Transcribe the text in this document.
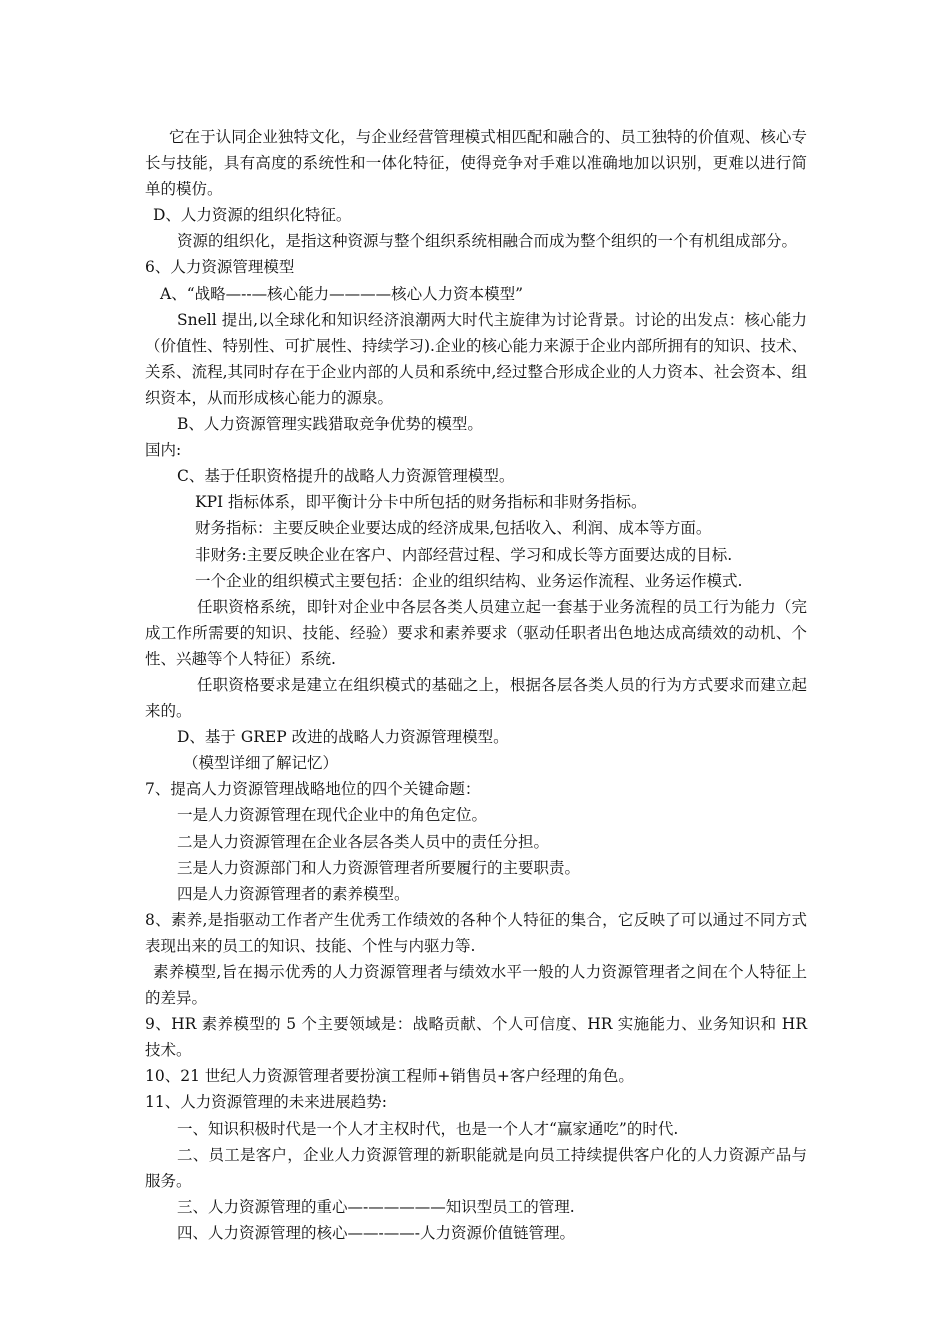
它在于认同企业独特文化，与企业经营管理模式相匹配和融合的、员工独特的价值观、核心专长与技能，具有高度的系统性和一体化特征，使得竞争对手难以准确地加以识别，更难以进行简单的模仿。

D、人力资源的组织化特征。

资源的组织化，是指这种资源与整个组织系统相融合而成为整个组织的一个有机组成部分。

6、人力资源管理模型

A、“战略—--—核心能力————核心人力资本模型”

Snell 提出,以全球化和知识经济浪潮两大时代主旋律为讨论背景。讨论的出发点：核心能力（价值性、特别性、可扩展性、持续学习).企业的核心能力来源于企业内部所拥有的知识、技术、关系、流程,其同时存在于企业内部的人员和系统中,经过整合形成企业的人力资本、社会资本、组织资本，从而形成核心能力的源泉。

B、人力资源管理实践猎取竞争优势的模型。

国内:

C、基于任职资格提升的战略人力资源管理模型。

KPI 指标体系，即平衡计分卡中所包括的财务指标和非财务指标。

财务指标：主要反映企业要达成的经济成果,包括收入、利润、成本等方面。

非财务:主要反映企业在客户、内部经营过程、学习和成长等方面要达成的目标.

一个企业的组织模式主要包括：企业的组织结构、业务运作流程、业务运作模式.

任职资格系统，即针对企业中各层各类人员建立起一套基于业务流程的员工行为能力（完成工作所需要的知识、技能、经验）要求和素养要求（驱动任职者出色地达成高绩效的动机、个性、兴趣等个人特征）系统.

任职资格要求是建立在组织模式的基础之上，根据各层各类人员的行为方式要求而建立起来的。

D、基于 GREP 改进的战略人力资源管理模型。

（模型详细了解记忆）

7、提高人力资源管理战略地位的四个关键命题：

一是人力资源管理在现代企业中的角色定位。

二是人力资源管理在企业各层各类人员中的责任分担。

三是人力资源部门和人力资源管理者所要履行的主要职责。

四是人力资源管理者的素养模型。

8、素养,是指驱动工作者产生优秀工作绩效的各种个人特征的集合，它反映了可以通过不同方式表现出来的员工的知识、技能、个性与内驱力等.

素养模型,旨在揭示优秀的人力资源管理者与绩效水平一般的人力资源管理者之间在个人特征上的差异。

9、HR 素养模型的 5 个主要领域是：战略贡献、个人可信度、HR 实施能力、业务知识和 HR 技术。

10、21 世纪人力资源管理者要扮演工程师+销售员+客户经理的角色。

11、人力资源管理的未来进展趋势:

一、知识积极时代是一个人才主权时代，也是一个人才“赢家通吃”的时代.

二、员工是客户，企业人力资源管理的新职能就是向员工持续提供客户化的人力资源产品与服务。

三、人力资源管理的重心—-—————知识型员工的管理.

四、人力资源管理的核心——-——-人力资源价值链管理。
